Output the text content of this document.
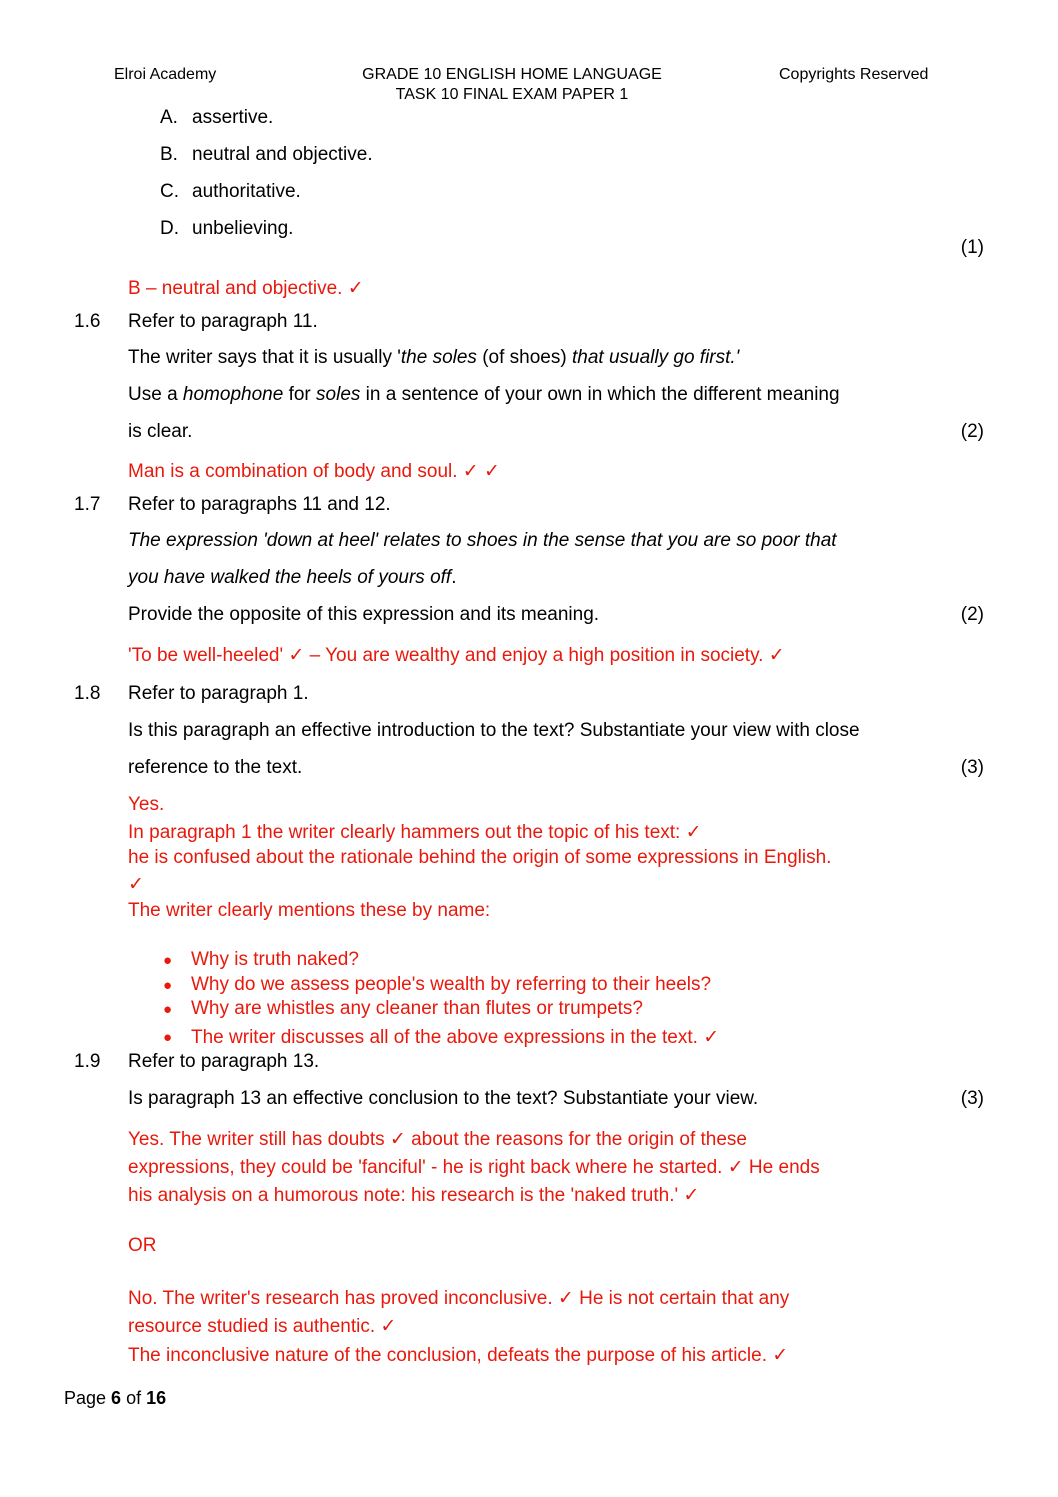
Elroi Academy	GRADE 10 ENGLISH HOME LANGUAGE
TASK 10 FINAL EXAM PAPER 1
Copyrights Reserved
A. assertive.
B. neutral and objective.
C. authoritative.
D. unbelieving.
(1)
B – neutral and objective. ✓
1.6 Refer to paragraph 11.
The writer says that it is usually 'the soles (of shoes) that usually go first.'
Use a homophone for soles in a sentence of your own in which the different meaning
is clear.	(2)
Man is a combination of body and soul. ✓ ✓
1.7 Refer to paragraphs 11 and 12.
The expression 'down at heel' relates to shoes in the sense that you are so poor that
you have walked the heels of yours off.
Provide the opposite of this expression and its meaning.	(2)
'To be well-heeled' ✓ – You are wealthy and enjoy a high position in society. ✓
1.8 Refer to paragraph 1.
Is this paragraph an effective introduction to the text? Substantiate your view with close
reference to the text.	(3)
Yes.
In paragraph 1 the writer clearly hammers out the topic of his text: ✓
he is confused about the rationale behind the origin of some expressions in English.
✓
The writer clearly mentions these by name:
● Why is truth naked?
● Why do we assess people's wealth by referring to their heels?
● Why are whistles any cleaner than flutes or trumpets?
● The writer discusses all of the above expressions in the text. ✓
1.9 Refer to paragraph 13.
Is paragraph 13 an effective conclusion to the text? Substantiate your view.	(3)
Yes. The writer still has doubts ✓ about the reasons for the origin of these
expressions, they could be 'fanciful' - he is right back where he started. ✓ He ends
his analysis on a humorous note: his research is the 'naked truth.' ✓
OR
No. The writer's research has proved inconclusive. ✓ He is not certain that any
resource studied is authentic. ✓
The inconclusive nature of the conclusion, defeats the purpose of his article. ✓
Page 6 of 16
